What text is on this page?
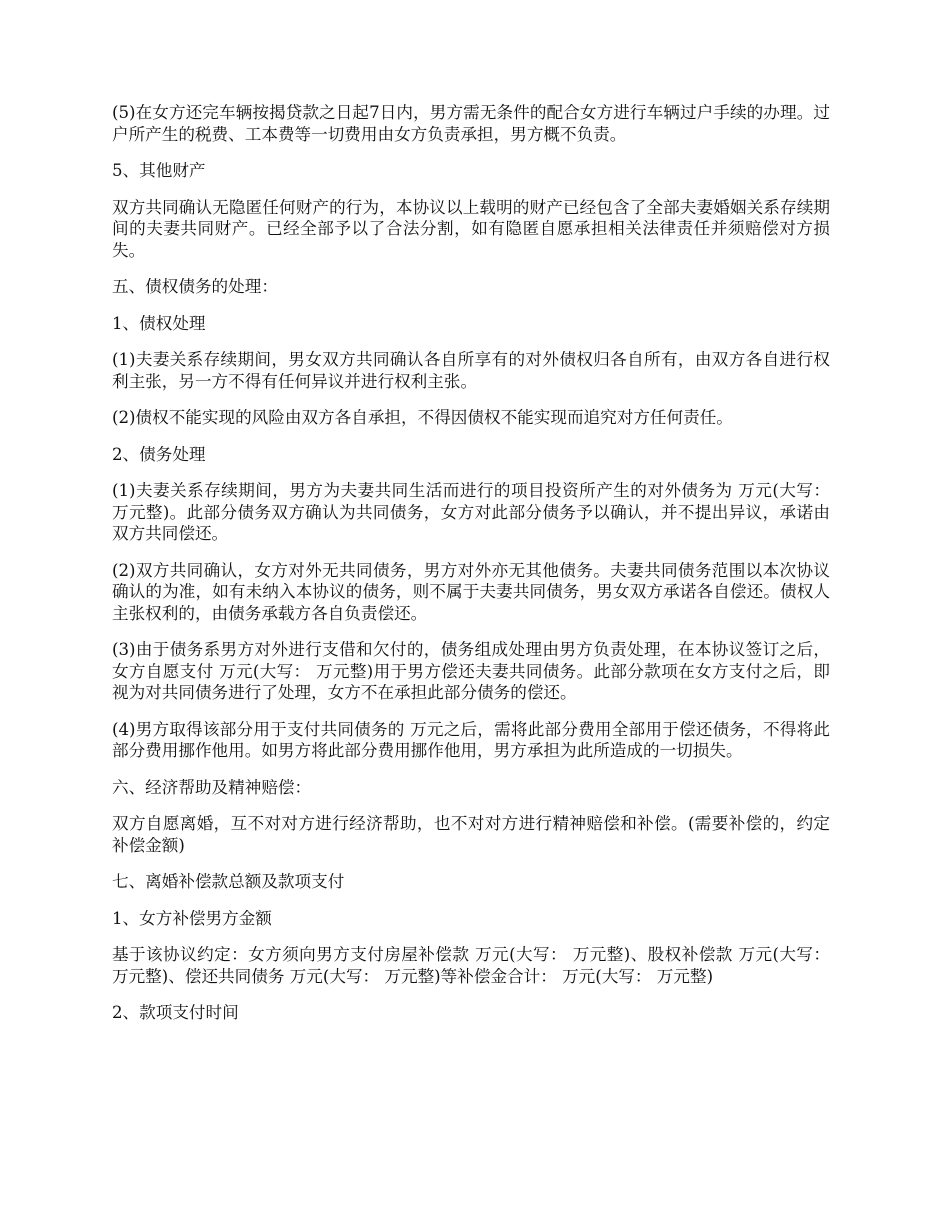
(5)在女方还完车辆按揭贷款之日起7日内，男方需无条件的配合女方进行车辆过户手续的办理。过户所产生的税费、工本费等一切费用由女方负责承担，男方概不负责。

5、其他财产

双方共同确认无隐匿任何财产的行为，本协议以上载明的财产已经包含了全部夫妻婚姻关系存续期间的夫妻共同财产。已经全部予以了合法分割，如有隐匿自愿承担相关法律责任并须赔偿对方损失。

五、债权债务的处理：

1、债权处理

(1)夫妻关系存续期间，男女双方共同确认各自所享有的对外债权归各自所有，由双方各自进行权利主张，另一方不得有任何异议并进行权利主张。

(2)债权不能实现的风险由双方各自承担，不得因债权不能实现而追究对方任何责任。

2、债务处理

(1)夫妻关系存续期间，男方为夫妻共同生活而进行的项目投资所产生的对外债务为 万元(大写： 万元整)。此部分债务双方确认为共同债务，女方对此部分债务予以确认，并不提出异议，承诺由双方共同偿还。

(2)双方共同确认，女方对外无共同债务，男方对外亦无其他债务。夫妻共同债务范围以本次协议确认的为准，如有未纳入本协议的债务，则不属于夫妻共同债务，男女双方承诺各自偿还。债权人主张权利的，由债务承载方各自负责偿还。

(3)由于债务系男方对外进行支借和欠付的，债务组成处理由男方负责处理，在本协议签订之后，女方自愿支付 万元(大写： 万元整)用于男方偿还夫妻共同债务。此部分款项在女方支付之后，即视为对共同债务进行了处理，女方不在承担此部分债务的偿还。

(4)男方取得该部分用于支付共同债务的 万元之后，需将此部分费用全部用于偿还债务，不得将此部分费用挪作他用。如男方将此部分费用挪作他用，男方承担为此所造成的一切损失。

六、经济帮助及精神赔偿：

双方自愿离婚，互不对对方进行经济帮助，也不对对方进行精神赔偿和补偿。(需要补偿的，约定补偿金额)

七、离婚补偿款总额及款项支付

1、女方补偿男方金额

基于该协议约定：女方须向男方支付房屋补偿款 万元(大写： 万元整)、股权补偿款 万元(大写： 万元整)、偿还共同债务 万元(大写： 万元整)等补偿金合计： 万元(大写： 万元整)

2、款项支付时间
